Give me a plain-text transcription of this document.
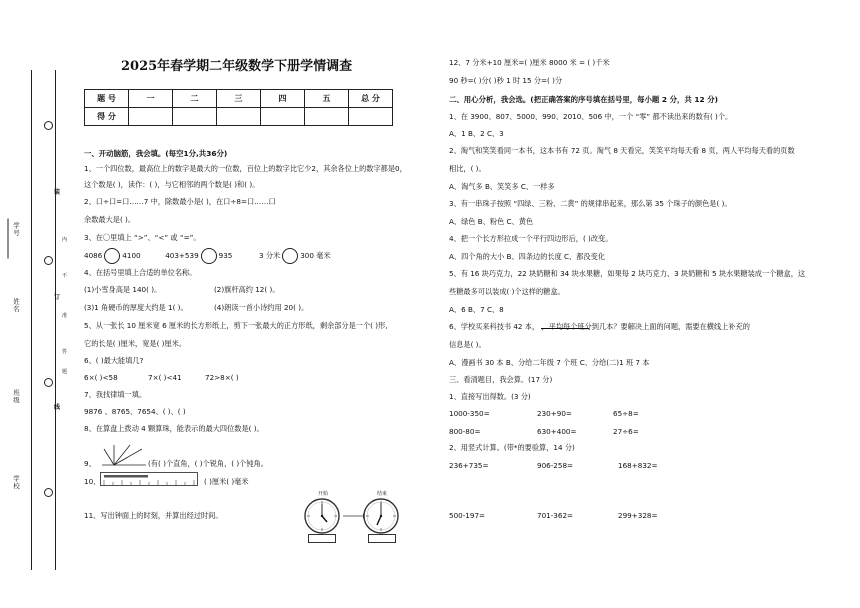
学号
姓名
班级
学校
装
订
线
内
不
准
答
题
2025年春学期二年级数学下册学情调查
题 号	一	二	三	四	五	总 分
得 分						
一、开动脑筋，我会填。(每空1分,共36分)
1、一个四位数，最高位上的数字是最大的一位数，百位上的数字比它少2，其余各位上的数字都是0，
这个数是( )，读作：( )，与它相邻的两个数是( )和( )。
2、口÷口=口……7 中，除数最小是( )，在口÷8=口……口
余数最大是( )。
3、在〇里填上 “>”、“<” 或 “=”。
4086	4100	403+539	935	3 分米	300 毫米
4、在括号里填上合适的单位名称。
(1)小雪身高是 140( )。	(2)旗杆高约 12( )。
(3)1 角硬币的厚度大约是 1( )。	(4)朗读一首小诗约用 20( )。
5、从一张长 10 厘米宽 6 厘米的长方形纸上，剪下一张最大的正方形纸，剩余部分是一个( )形,
它的长是( )厘米，宽是( )厘米。
6、( )最大能填几?
6×( )<58	7×( )<41	72>8×( )
7、我找律填一填。
9876 、8765、7654、( )、( )
8、在算盘上拨动 4 颗算珠，能表示的最大四位数是( )。
9、	(有( )个直角，( )个锐角，( )个钝角。
10、	( )厘米( )毫米
11、写出钟面上的时刻，并算出经过时间。
开始	结束
12、7 分米+10 厘米=( )厘米 8000 米 = ( )千米
90 秒=( )分( )秒 1 时 15 分=( )分
二、用心分析，我会选。(把正确答案的序号填在括号里，每小题 2 分，共 12 分)
1、在 3900、807、5000、990、2010、506 中，一个 “零” 都不读出来的数有( )个。
A、1 B、2 C、3
2、淘气和笑笑看同一本书，这本书有 72 页。淘气 8 天看完，笑笑平均每天看 8 页，两人平均每天看的页数
相比，( )。
A、淘气多 B、笑笑多 C、一样多
3、有一串珠子按照 “四绿、三粉、二黄” 的规律串起来，那么第 35 个珠子的颜色是( )。
A、绿色 B、粉色 C、黄色
4、把一个长方形拉成一个平行四边形后，( )改变。
A、四个角的大小 B、四条边的长度 C、都没变化
5、有 16 块巧克力，22 块奶糖和 34 块水果糖，如果每 2 块巧克力、3 块奶糖和 5 块水果糖装成一个糖盒，这
些糖最多可以装成( )个这样的糖盒。
A、6 B、7 C、8
6、学校买来科技书 42 本， ，平均每个班分到几本？要解决上面的问题，需要在横线上补充的
信息是( )。
A、漫画书 30 本 B、分给二年级 7 个班 C、分给(二)1 班 7 本
三、看清题目，我会算。(17 分)
1、直接写出得数。(3 分)
1000-350=	230+90=	65÷8=
800-80=	630+400=	27÷6=
2、用竖式计算。(带*的要验算，14 分)
236+735=	906-258=	168+832=
500-197=	701-362=	299+328=
